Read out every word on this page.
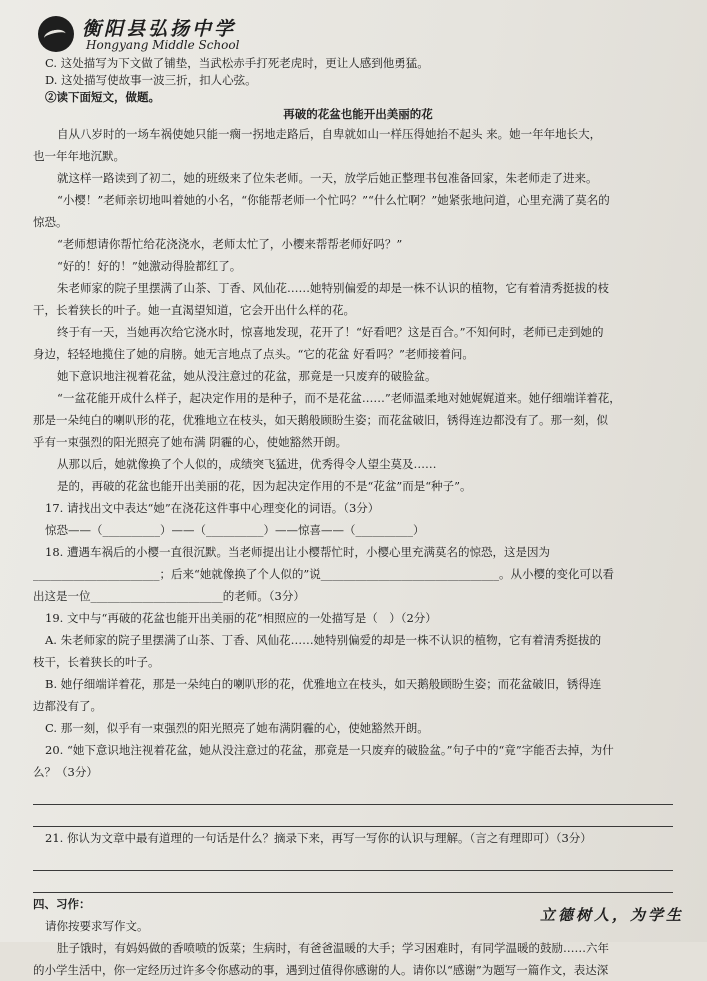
衡阳县弘扬中学
Hongyang Middle School
C. 这处描写为下文做了铺垫，当武松赤手打死老虎时，更让人感到他勇猛。
D. 这处描写使故事一波三折，扣人心弦。
②读下面短文，做题。
再破的花盆也能开出美丽的花
自从八岁时的一场车祸使她只能一瘸一拐地走路后，自卑就如山一样压得她抬不起头 来。她一年年地长大，
也一年年地沉默。
就这样一路读到了初二，她的班级来了位朱老师。一天，放学后她正整理书包准备回家，朱老师走了进来。
“小樱！”老师亲切地叫着她的小名，“你能帮老师一个忙吗？”“什么忙啊？”她紧张地问道，心里充满了莫名的
惊恐。
“老师想请你帮忙给花浇浇水，老师太忙了，小樱来帮帮老师好吗？”
“好的！好的！”她激动得脸都红了。
朱老师家的院子里摆满了山茶、丁香、风仙花……她特别偏爱的却是一株不认识的植物，它有着清秀挺拔的枝
干，长着狭长的叶子。她一直渴望知道，它会开出什么样的花。
终于有一天，当她再次给它浇水时，惊喜地发现，花开了！“好看吧？这是百合。”不知何时，老师已走到她的
身边，轻轻地揽住了她的肩膀。她无言地点了点头。“它的花盆 好看吗？”老师接着问。
她下意识地注视着花盆，她从没注意过的花盆，那竟是一只废弃的破脸盆。
“一盆花能开成什么样子，起决定作用的是种子，而不是花盆……”老师温柔地对她娓娓道来。她仔细端详着花，
那是一朵纯白的喇叭形的花，优雅地立在枝头，如天鹅般顾盼生姿；而花盆破旧，锈得连边都没有了。那一刻，似
乎有一束强烈的阳光照亮了她布满 阴霾的心，使她豁然开朗。
从那以后，她就像换了个人似的，成绩突飞猛进，优秀得令人望尘莫及……
是的，再破的花盆也能开出美丽的花，因为起决定作用的不是“花盆”而是“种子”。
17. 请找出文中表达“她”在浇花这件事中心理变化的词语。（3分）
惊恐——（__________）——（__________）——惊喜——（__________）
18. 遭遇车祸后的小樱一直很沉默。当老师提出让小樱帮忙时，小樱心里充满莫名的惊恐，这是因为
______________________；后来“她就像换了个人似的”说_______________________________。从小樱的变化可以看
出这是一位_______________________的老师。（3分）
19. 文中与“再破的花盆也能开出美丽的花”相照应的一处描写是（　）（2分）
A. 朱老师家的院子里摆满了山茶、丁香、风仙花……她特别偏爱的却是一株不认识的植物，它有着清秀挺拔的
枝干，长着狭长的叶子。
B. 她仔细端详着花，那是一朵纯白的喇叭形的花，优雅地立在枝头，如天鹅般顾盼生姿；而花盆破旧，锈得连
边都没有了。
C. 那一刻，似乎有一束强烈的阳光照亮了她布满阴霾的心，使她豁然开朗。
20. “她下意识地注视着花盆，她从没注意过的花盆，那竟是一只废弃的破脸盆。”句子中的“竟”字能否去掉，为什
么？（3分）
21. 你认为文章中最有道理的一句话是什么？摘录下来，再写一写你的认识与理解。（言之有理即可）（3分）
四、习作：
请你按要求写作文。
肚子饿时，有妈妈做的香喷喷的饭菜；生病时，有爸爸温暖的大手；学习困难时，有同学温暖的鼓励……六年
的小学生活中，你一定经历过许多令你感动的事，遇到过值得你感谢的人。请你以“感谢”为题写一篇作文，表达深
立德树人，为学生
